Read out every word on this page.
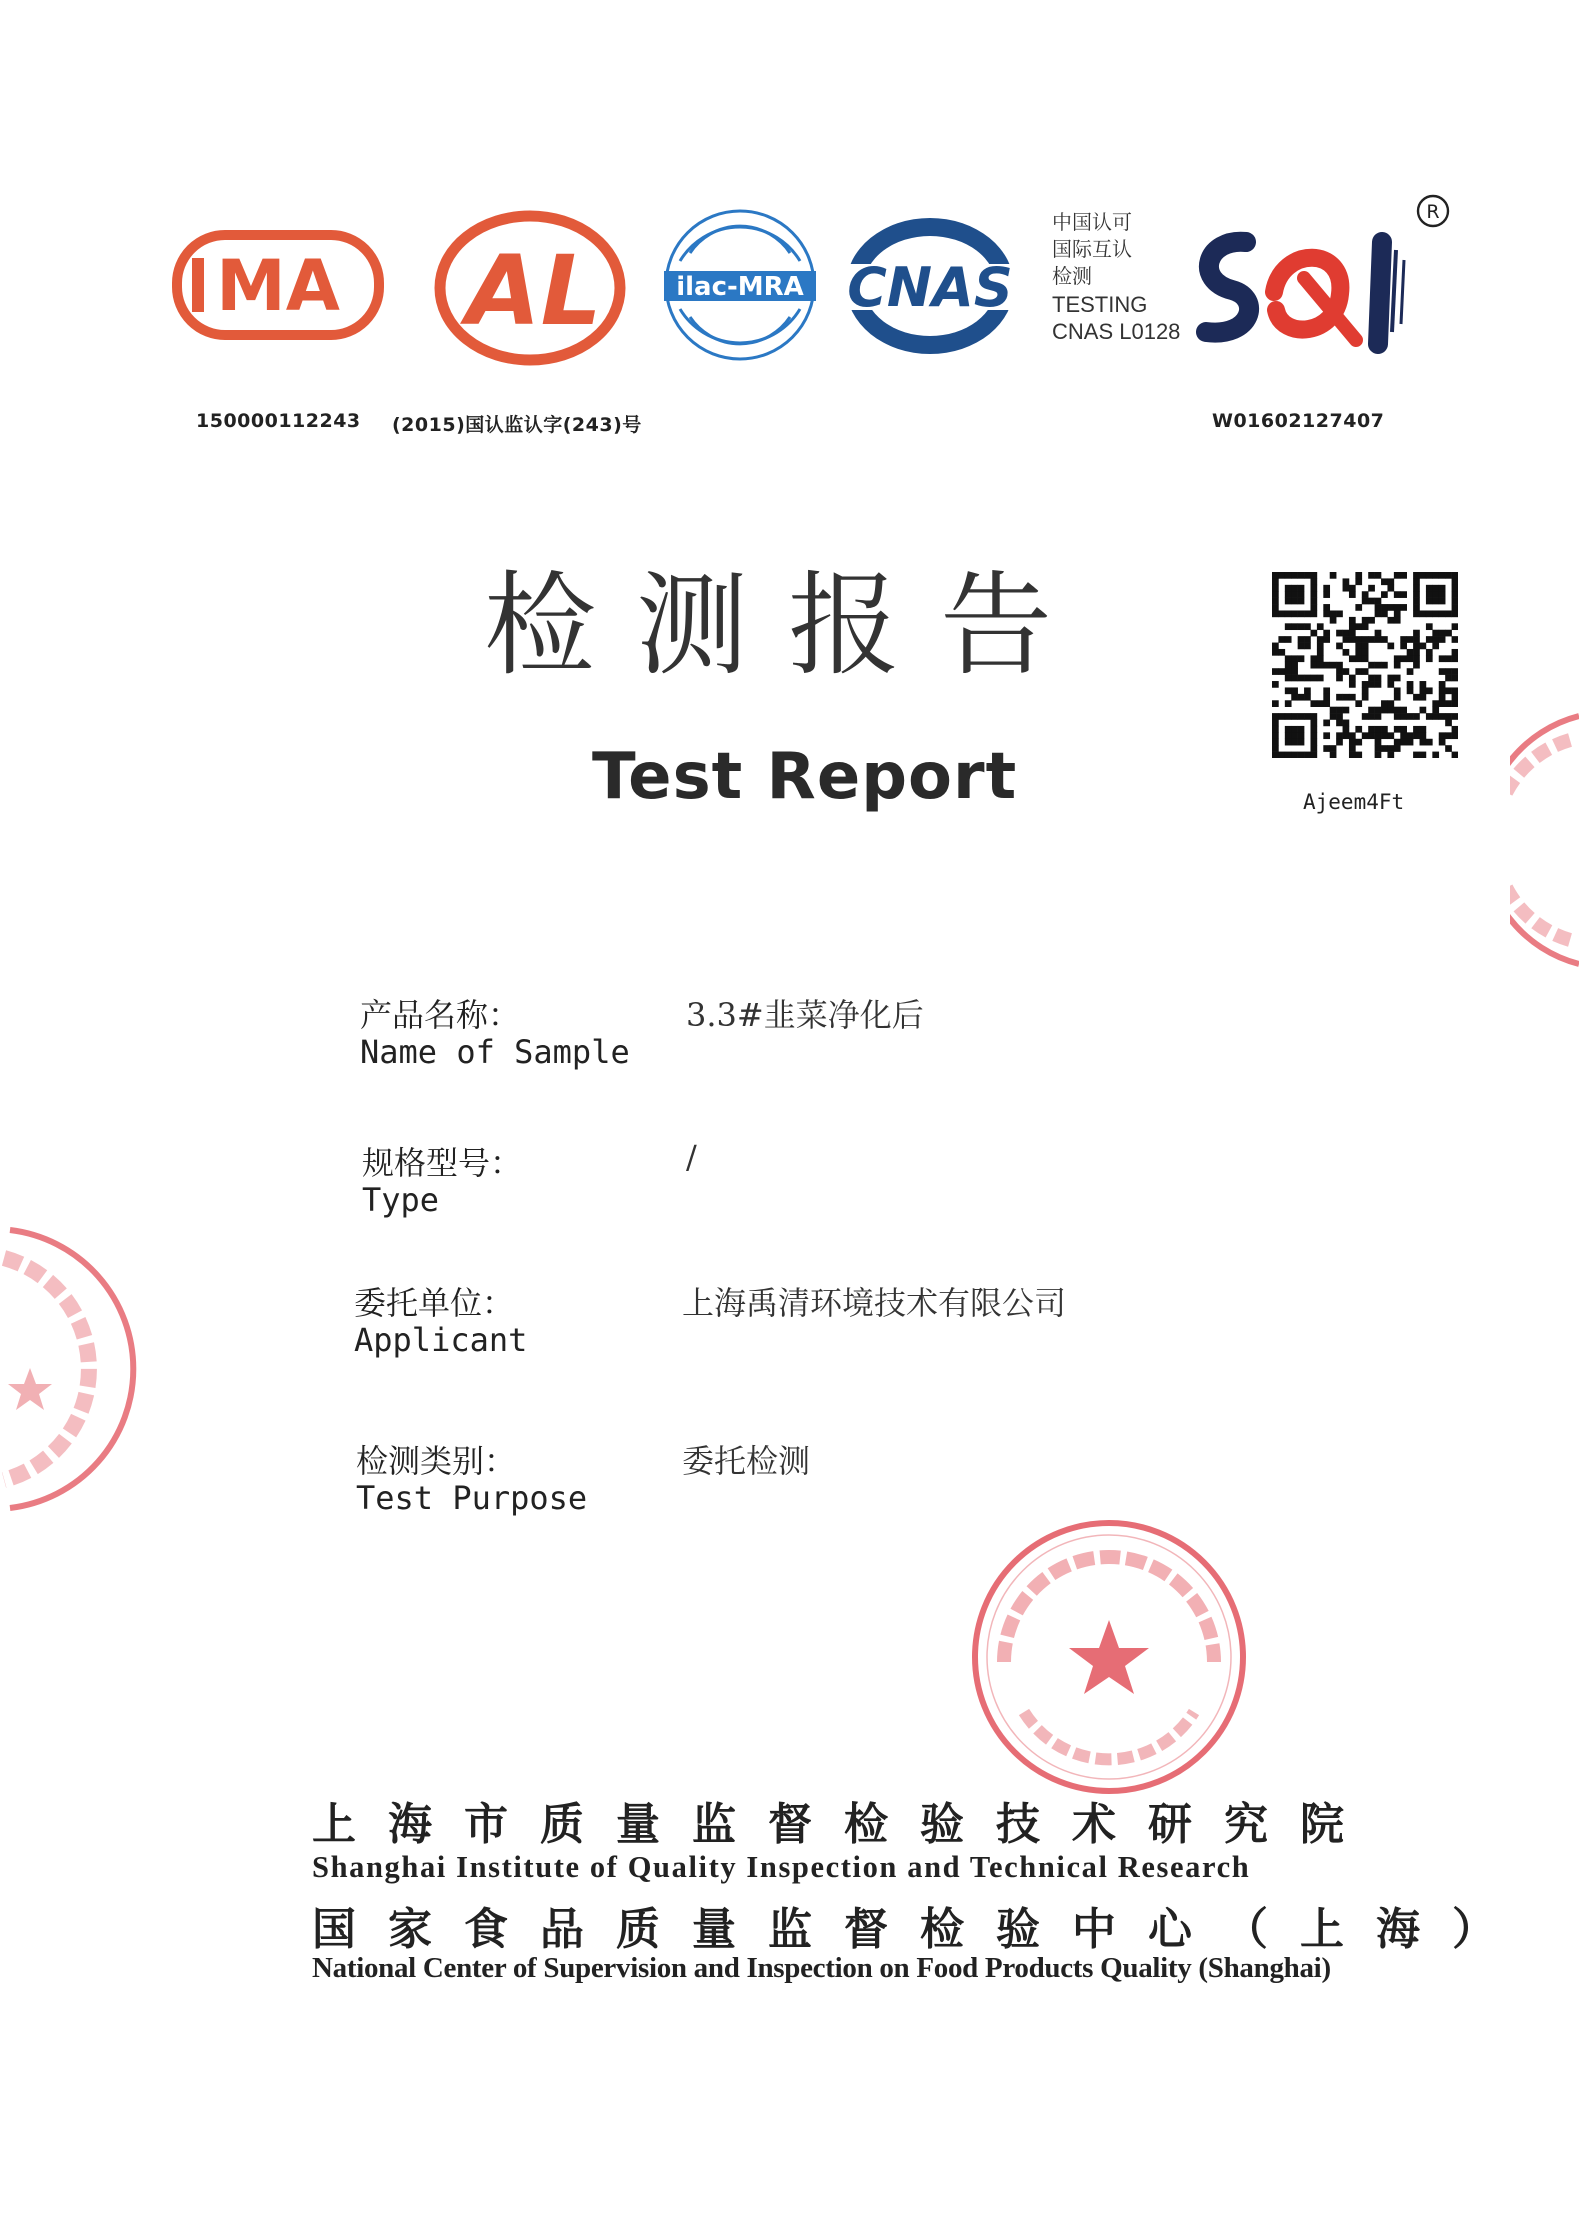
MA AL	ilac-MRA CNAS
中国认可
国际互认
检测
TESTING
CNAS L0128
R
150000112243 (2015)国认监认字(243)号	W01602127407
检测报告
Test Report	Ajeem4Ft
产品名称：
Name of Sample
3.3#韭菜净化后
规格型号：
Type
/
委托单位：
Applicant
上海禹清环境技术有限公司
检测类别：
Test Purpose
委托检测
上海市质量监督检验技术研究院
Shanghai Institute of Quality Inspection and Technical Research
国家食品质量监督检验中心（上海）
National Center of Supervision and Inspection on Food Products Quality (Shanghai)
